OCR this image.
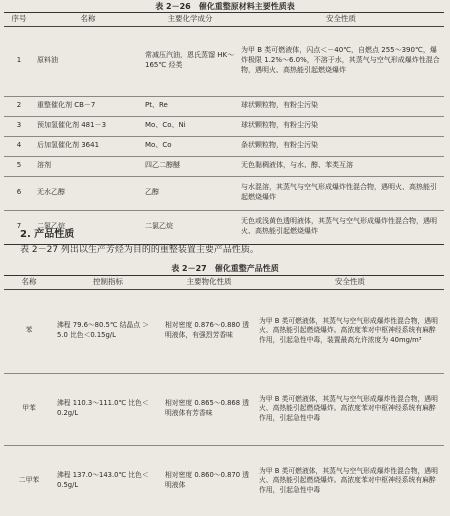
表 2－26　催化重整原材料主要性质表
序号	名称	主要化学成分	安全性质
1	原料油	常减压汽油，恩氏蒸馏 HK～165℃ 烃类	为甲 B 类可燃液体，闪点＜－40℃，自燃点 255～390℃，爆炸极限 1.2%～6.0%，不溶于水，其蒸气与空气形成爆炸性混合物，遇明火、高热能引起燃烧爆炸
2	重整催化剂 CB－7	Pt、Re	球状颗粒物，有粉尘污染
3	预加氢催化剂 481－3	Mo、Co、Ni	球状颗粒物，有粉尘污染
4	后加氢催化剂 3641	Mo、Co	条状颗粒物，有粉尘污染
5	溶剂	四乙二醇醚	无色黏稠液体，与水、醇、苯类互溶
6	无水乙醇	乙醇	与水混溶，其蒸气与空气形成爆炸性混合物，遇明火、高热能引起燃烧爆炸
7	二氯乙烷	二氯乙烷	无色或浅黄色透明液体，其蒸气与空气形成爆炸性混合物，遇明火、高热能引起燃烧爆炸
2. 产品性质
表 2－27 列出以生产芳烃为目的的重整装置主要产品性质。
表 2－27　催化重整产品性质
名称	控制指标	主要物化性质	安全性质
苯	沸程 79.6～80.5℃ 结晶点 ＞ 5.0 比色＜0.15g/L	相对密度 0.876～0.880 透明液体，有强烈芳香味	为甲 B 类可燃液体，其蒸气与空气形成爆炸性混合物，遇明火、高热能引起燃烧爆炸。高浓度苯对中枢神经系统有麻醉作用，引起急性中毒，装置最高允许浓度为 40mg/m³
甲苯	沸程 110.3～111.0℃ 比色＜0.2g/L	相对密度 0.865～0.868 透明液体有芳香味	为甲 B 类可燃液体，其蒸气与空气形成爆炸性混合物，遇明火、高热能引起燃烧爆炸。高浓度苯对中枢神经系统有麻醉作用，引起急性中毒
二甲苯	沸程 137.0～143.0℃ 比色＜0.5g/L	相对密度 0.860～0.870 透明液体	为甲 B 类可燃液体，其蒸气与空气形成爆炸性混合物，遇明火、高热能引起燃烧爆炸。高浓度苯对中枢神经系统有麻醉作用，引起急性中毒
